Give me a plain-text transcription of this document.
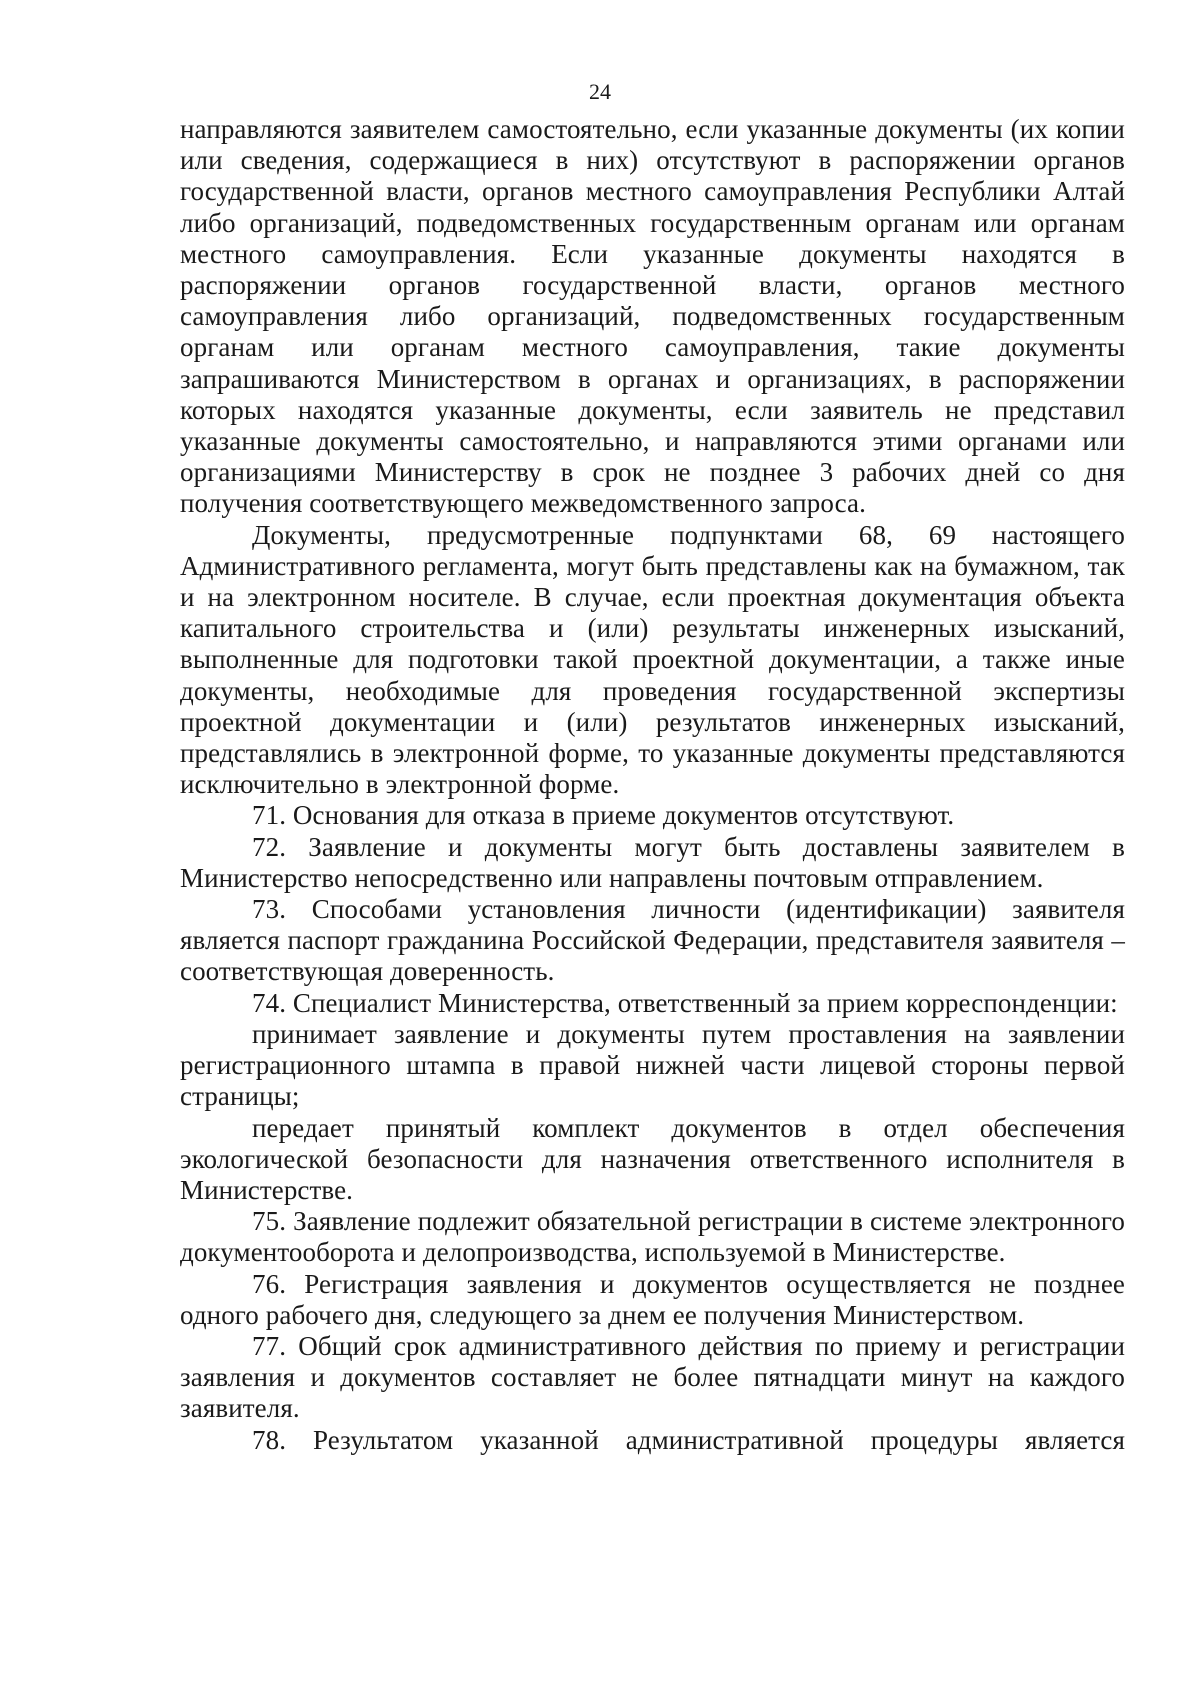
24

направляются заявителем самостоятельно, если указанные документы (их копии или сведения, содержащиеся в них) отсутствуют в распоряжении органов государственной власти, органов местного самоуправления Республики Алтай либо организаций, подведомственных государственным органам или органам местного самоуправления. Если указанные документы находятся в распоряжении органов государственной власти, органов местного самоуправления либо организаций, подведомственных государственным органам или органам местного самоуправления, такие документы запрашиваются Министерством в органах и организациях, в распоряжении которых находятся указанные документы, если заявитель не представил указанные документы самостоятельно, и направляются этими органами или организациями Министерству в срок не позднее 3 рабочих дней со дня получения соответствующего межведомственного запроса.

Документы, предусмотренные подпунктами 68, 69 настоящего Административного регламента, могут быть представлены как на бумажном, так и на электронном носителе. В случае, если проектная документация объекта капитального строительства и (или) результаты инженерных изысканий, выполненные для подготовки такой проектной документации, а также иные документы, необходимые для проведения государственной экспертизы проектной документации и (или) результатов инженерных изысканий, представлялись в электронной форме, то указанные документы представляются исключительно в электронной форме.

71. Основания для отказа в приеме документов отсутствуют.

72. Заявление и документы могут быть доставлены заявителем в Министерство непосредственно или направлены почтовым отправлением.

73. Способами установления личности (идентификации) заявителя является паспорт гражданина Российской Федерации, представителя заявителя – соответствующая доверенность.

74. Специалист Министерства, ответственный за прием корреспонденции:

принимает заявление и документы путем проставления на заявлении регистрационного штампа в правой нижней части лицевой стороны первой страницы;

передает принятый комплект документов в отдел обеспечения экологической безопасности для назначения ответственного исполнителя в Министерстве.

75. Заявление подлежит обязательной регистрации в системе электронного документооборота и делопроизводства, используемой в Министерстве.

76. Регистрация заявления и документов осуществляется не позднее одного рабочего дня, следующего за днем ее получения Министерством.

77. Общий срок административного действия по приему и регистрации заявления и документов составляет не более пятнадцати минут на каждого заявителя.

78. Результатом указанной административной процедуры является
